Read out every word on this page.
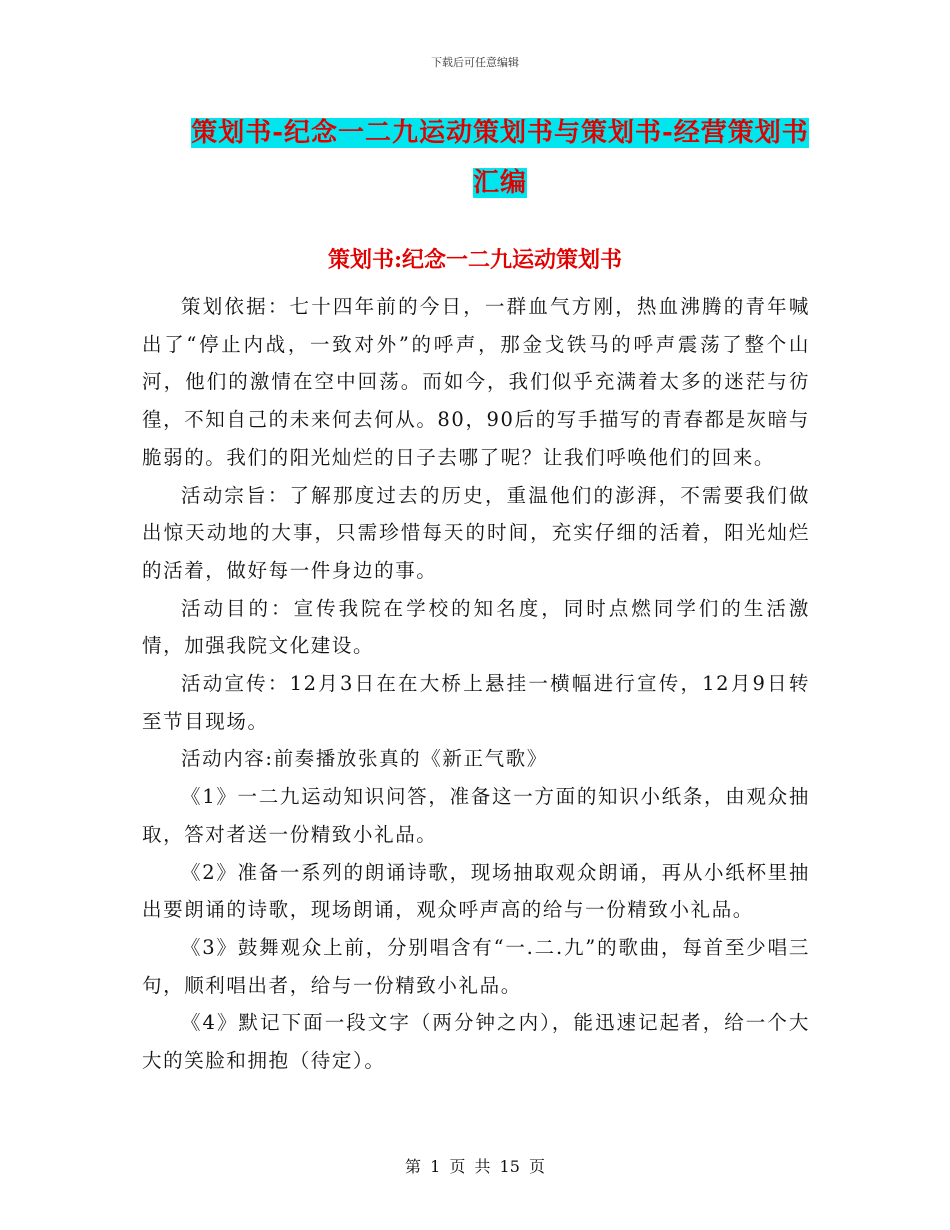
下载后可任意编辑
策划书-纪念一二九运动策划书与策划书-经营策划书
汇编
策划书:纪念一二九运动策划书

策划依据：七十四年前的今日，一群血气方刚，热血沸腾的青年喊出了“停止内战，一致对外”的呼声，那金戈铁马的呼声震荡了整个山河，他们的激情在空中回荡。而如今，我们似乎充满着太多的迷茫与彷徨，不知自己的未来何去何从。80，90后的写手描写的青春都是灰暗与脆弱的。我们的阳光灿烂的日子去哪了呢？让我们呼唤他们的回来。

活动宗旨：了解那度过去的历史，重温他们的澎湃，不需要我们做出惊天动地的大事，只需珍惜每天的时间，充实仔细的活着，阳光灿烂的活着，做好每一件身边的事。

活动目的：宣传我院在学校的知名度，同时点燃同学们的生活激情，加强我院文化建设。

活动宣传：12月3日在在大桥上悬挂一横幅进行宣传，12月9日转至节目现场。

活动内容:前奏播放张真的《新正气歌》

《1》一二九运动知识问答，准备这一方面的知识小纸条，由观众抽取，答对者送一份精致小礼品。

《2》准备一系列的朗诵诗歌，现场抽取观众朗诵，再从小纸杯里抽出要朗诵的诗歌，现场朗诵，观众呼声高的给与一份精致小礼品。

《3》鼓舞观众上前，分别唱含有“一.二.九”的歌曲，每首至少唱三句，顺利唱出者，给与一份精致小礼品。

《4》默记下面一段文字（两分钟之内），能迅速记起者，给一个大大的笑脸和拥抱（待定）。

第 1 页 共 15 页
